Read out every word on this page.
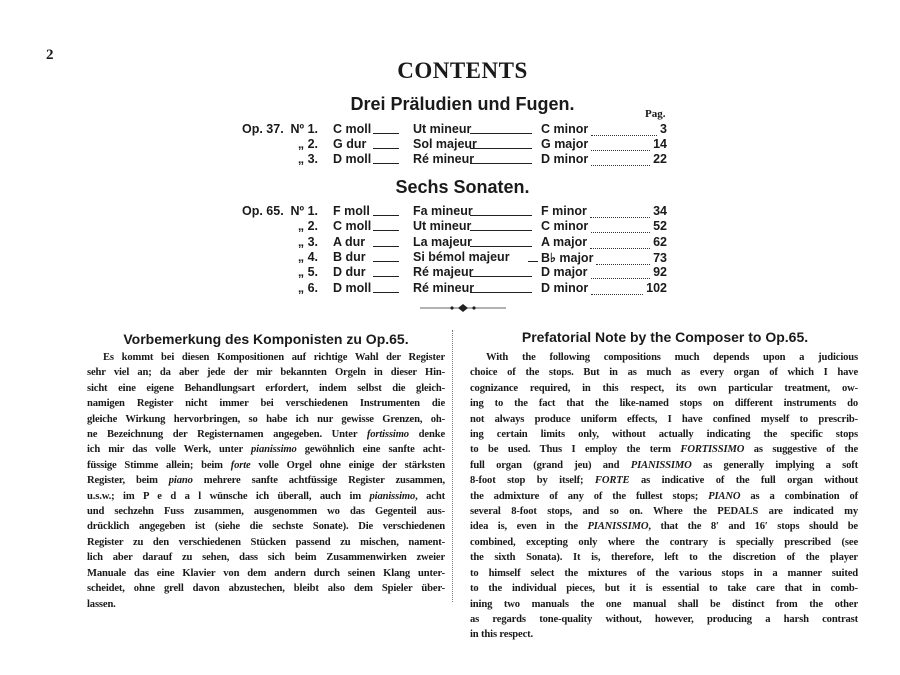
2
CONTENTS
Drei Präludien und Fugen.	Pag.
Op. 37. Nº 1. C moll	Ut mineur	C minor	3
„ 2. G dur	Sol majeur	G major	14
„ 3. D moll	Ré mineur	D minor	22
Sechs Sonaten.
Op. 65. Nº 1. F moll	Fa mineur	F minor	34
„ 2. C moll	Ut mineur	C minor	52
„ 3. A dur	La majeur	A major	62
„ 4. B dur	Si bémol majeur	B♭ major	73
„ 5. D dur	Ré majeur	D major	92
„ 6. D moll	Ré mineur	D minor	102
Vorbemerkung des Komponisten zu Op.65.
Es kommt bei diesen Kompositionen auf richtige Wahl der Register
sehr viel an; da aber jede der mir bekannten Orgeln in dieser Hin-
sicht eine eigene Behandlungsart erfordert, indem selbst die gleich-
namigen Register nicht immer bei verschiedenen Instrumenten die
gleiche Wirkung hervorbringen, so habe ich nur gewisse Grenzen, oh-
ne Bezeichnung der Registernamen angegeben. Unter fortissimo denke
ich mir das volle Werk, unter pianissimo gewöhnlich eine sanfte acht-
füssige Stimme allein; beim forte volle Orgel ohne einige der stärksten
Register, beim piano mehrere sanfte achtfüssige Register zusammen,
u.s.w.; im P e d a l wünsche ich überall, auch im pianissimo, acht
und sechzehn Fuss zusammen, ausgenommen wo das Gegenteil aus-
drücklich angegeben ist (siehe die sechste Sonate). Die verschiedenen
Register zu den verschiedenen Stücken passend zu mischen, nament-
lich aber darauf zu sehen, dass sich beim Zusammenwirken zweier
Manuale das eine Klavier von dem andern durch seinen Klang unter-
scheidet, ohne grell davon abzustechen, bleibt also dem Spieler über-
lassen.
Prefatorial Note by the Composer to Op.65.
With the following compositions much depends upon a judicious
choice of the stops. But in as much as every organ of which I have
cognizance required, in this respect, its own particular treatment, ow-
ing to the fact that the like-named stops on different instruments do
not always produce uniform effects, I have confined myself to prescrib-
ing certain limits only, without actually indicating the specific stops
to be used. Thus I employ the term FORTISSIMO as suggestive of the
full organ (grand jeu) and PIANISSIMO as generally implying a soft
8-foot stop by itself; FORTE as indicative of the full organ without
the admixture of any of the fullest stops; PIANO as a combination of
several 8-foot stops, and so on. Where the PEDALS are indicated my
idea is, even in the PIANISSIMO, that the 8′ and 16′ stops should be
combined, excepting only where the contrary is specially prescribed (see
the sixth Sonata). It is, therefore, left to the discretion of the player
to himself select the mixtures of the various stops in a manner suited
to the individual pieces, but it is essential to take care that in comb-
ining two manuals the one manual shall be distinct from the other
as regards tone-quality without, however, producing a harsh contrast
in this respect.
